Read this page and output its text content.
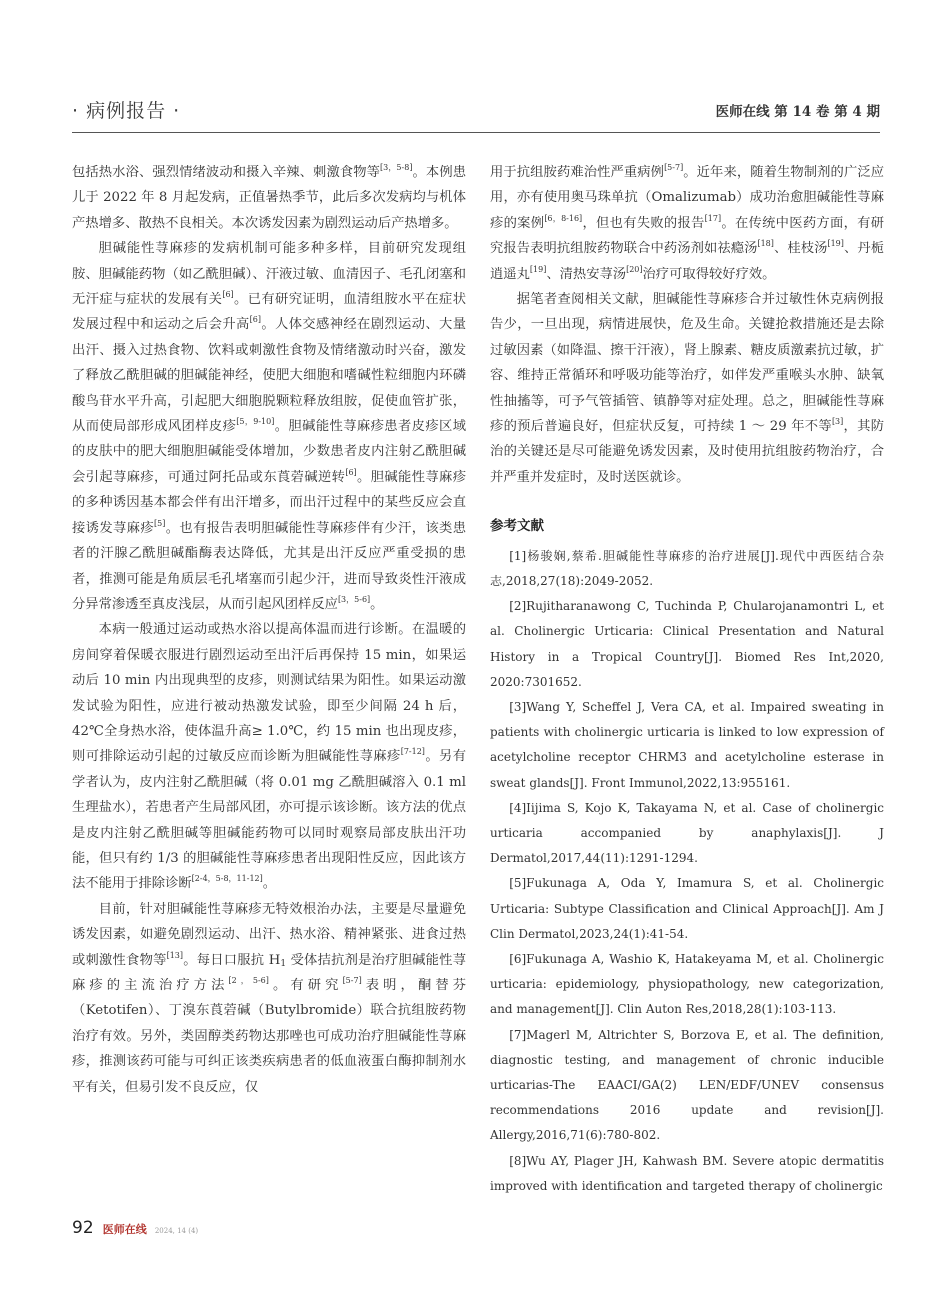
· 病例报告 ·	医师在线 第 14 卷 第 4 期

包括热水浴、强烈情绪波动和摄入辛辣、刺激食物等[3，5-8]。本例患儿于 2022 年 8 月起发病，正值暑热季节，此后多次发病均与机体产热增多、散热不良相关。本次诱发因素为剧烈运动后产热增多。

胆碱能性荨麻疹的发病机制可能多种多样，目前研究发现组胺、胆碱能药物（如乙酰胆碱）、汗液过敏、血清因子、毛孔闭塞和无汗症与症状的发展有关[6]。已有研究证明，血清组胺水平在症状发展过程中和运动之后会升高[6]。人体交感神经在剧烈运动、大量出汗、摄入过热食物、饮料或刺激性食物及情绪激动时兴奋，激发了释放乙酰胆碱的胆碱能神经，使肥大细胞和嗜碱性粒细胞内环磷酸鸟苷水平升高，引起肥大细胞脱颗粒释放组胺，促使血管扩张，从而使局部形成风团样皮疹[5，9-10]。胆碱能性荨麻疹患者皮疹区域的皮肤中的肥大细胞胆碱能受体增加，少数患者皮内注射乙酰胆碱会引起荨麻疹，可通过阿托品或东莨菪碱逆转[6]。胆碱能性荨麻疹的多种诱因基本都会伴有出汗增多，而出汗过程中的某些反应会直接诱发荨麻疹[5]。也有报告表明胆碱能性荨麻疹伴有少汗，该类患者的汗腺乙酰胆碱酯酶表达降低，尤其是出汗反应严重受损的患者，推测可能是角质层毛孔堵塞而引起少汗，进而导致炎性汗液成分异常渗透至真皮浅层，从而引起风团样反应[3，5-6]。

本病一般通过运动或热水浴以提高体温而进行诊断。在温暖的房间穿着保暖衣服进行剧烈运动至出汗后再保持 15 min，如果运动后 10 min 内出现典型的皮疹，则测试结果为阳性。如果运动激发试验为阳性，应进行被动热激发试验，即至少间隔 24 h 后，42℃全身热水浴，使体温升高≥ 1.0℃，约 15 min 也出现皮疹，则可排除运动引起的过敏反应而诊断为胆碱能性荨麻疹[7-12]。另有学者认为，皮内注射乙酰胆碱（将 0.01 mg 乙酰胆碱溶入 0.1 ml 生理盐水），若患者产生局部风团，亦可提示该诊断。该方法的优点是皮内注射乙酰胆碱等胆碱能药物可以同时观察局部皮肤出汗功能，但只有约 1/3 的胆碱能性荨麻疹患者出现阳性反应，因此该方法不能用于排除诊断[2-4，5-8，11-12]。

目前，针对胆碱能性荨麻疹无特效根治办法，主要是尽量避免诱发因素，如避免剧烈运动、出汗、热水浴、精神紧张、进食过热或刺激性食物等[13]。每日口服抗 $H_1$ 受体拮抗剂是治疗胆碱能性荨麻疹的主流治疗方法[2，5-6]。有研究[5-7]表明，酮替芬（Ketotifen）、丁溴东莨菪碱（Butylbromide）联合抗组胺药物治疗有效。另外，类固醇类药物达那唑也可成功治疗胆碱能性荨麻疹，推测该药可能与可纠正该类疾病患者的低血液蛋白酶抑制剂水平有关，但易引发不良反应，仅

用于抗组胺药难治性严重病例[5-7]。近年来，随着生物制剂的广泛应用，亦有使用奥马珠单抗（Omalizumab）成功治愈胆碱能性荨麻疹的案例[6，8-16]，但也有失败的报告[17]。在传统中医药方面，有研究报告表明抗组胺药物联合中药汤剂如祛瘾汤[18]、桂枝汤[19]、丹栀逍遥丸[19]、清热安荨汤[20]治疗可取得较好疗效。

据笔者查阅相关文献，胆碱能性荨麻疹合并过敏性休克病例报告少，一旦出现，病情进展快，危及生命。关键抢救措施还是去除过敏因素（如降温、擦干汗液），肾上腺素、糖皮质激素抗过敏，扩容、维持正常循环和呼吸功能等治疗，如伴发严重喉头水肿、缺氧性抽搐等，可予气管插管、镇静等对症处理。总之，胆碱能性荨麻疹的预后普遍良好，但症状反复，可持续 1 ～ 29 年不等[3]，其防治的关键还是尽可能避免诱发因素，及时使用抗组胺药物治疗，合并严重并发症时，及时送医就诊。

参考文献

[1]杨骏娴,蔡希.胆碱能性荨麻疹的治疗进展[J].现代中西医结合杂志,2018,27(18):2049-2052.

[2]Rujitharanawong C, Tuchinda P, Chularojanamontri L, et al. Cholinergic Urticaria: Clinical Presentation and Natural History in a Tropical Country[J]. Biomed Res Int,2020, 2020:7301652.

[3]Wang Y, Scheffel J, Vera CA, et al. Impaired sweating in patients with cholinergic urticaria is linked to low expression of acetylcholine receptor CHRM3 and acetylcholine esterase in sweat glands[J]. Front Immunol,2022,13:955161.

[4]Iijima S, Kojo K, Takayama N, et al. Case of cholinergic urticaria accompanied by anaphylaxis[J]. J Dermatol,2017,44(11):1291-1294.

[5]Fukunaga A, Oda Y, Imamura S, et al. Cholinergic Urticaria: Subtype Classification and Clinical Approach[J]. Am J Clin Dermatol,2023,24(1):41-54.

[6]Fukunaga A, Washio K, Hatakeyama M, et al. Cholinergic urticaria: epidemiology, physiopathology, new categorization, and management[J]. Clin Auton Res,2018,28(1):103-113.

[7]Magerl M, Altrichter S, Borzova E, et al. The definition, diagnostic testing, and management of chronic inducible urticarias-The EAACI/GA(2) LEN/EDF/UNEV consensus recommendations 2016 update and revision[J]. Allergy,2016,71(6):780-802.

[8]Wu AY, Plager JH, Kahwash BM. Severe atopic dermatitis improved with identification and targeted therapy of cholinergic

92 医师在线 2024, 14 (4)
